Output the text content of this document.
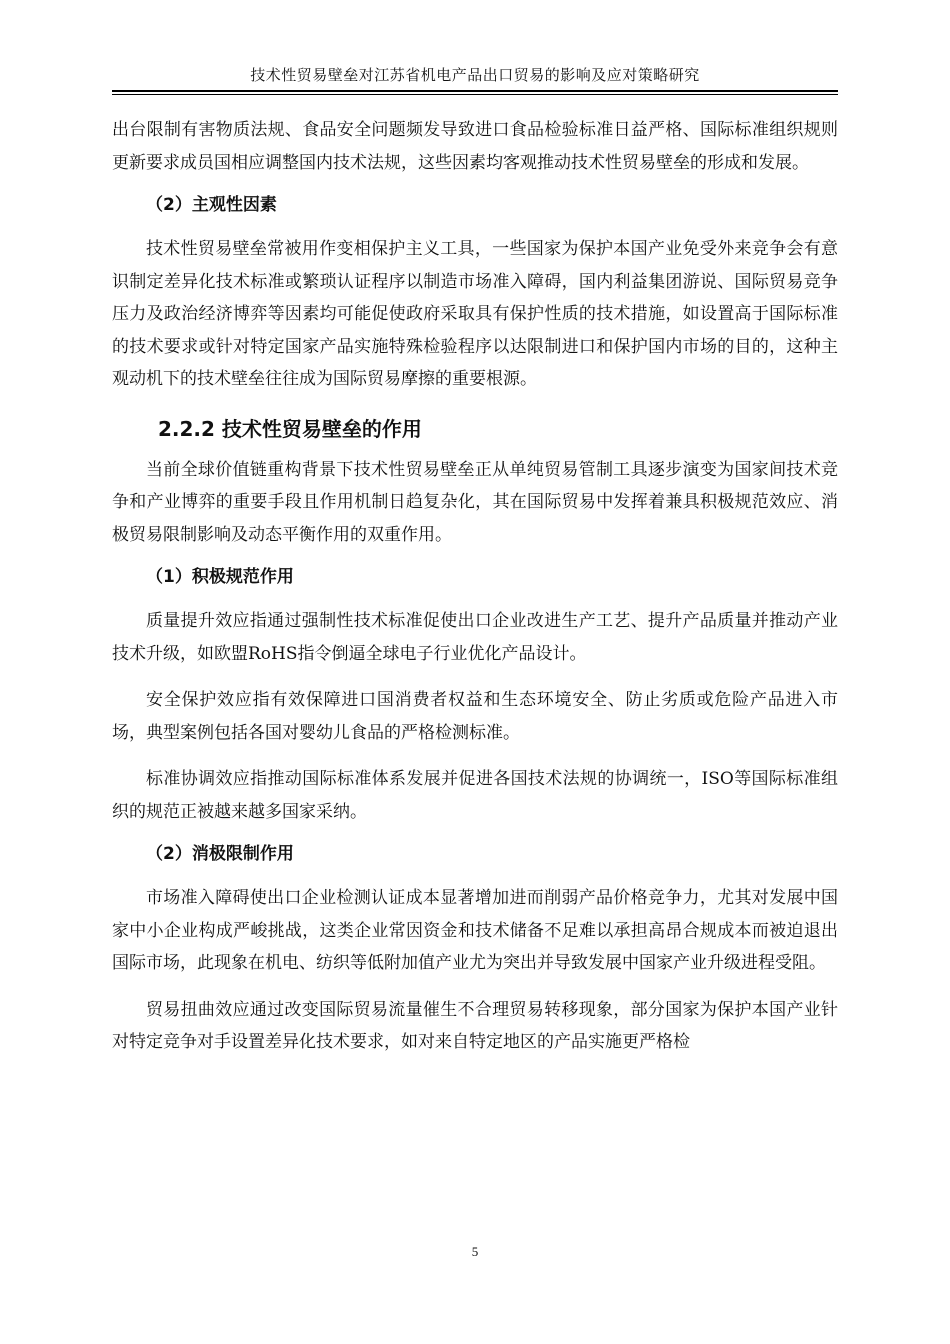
技术性贸易壁垒对江苏省机电产品出口贸易的影响及应对策略研究

出台限制有害物质法规、食品安全问题频发导致进口食品检验标准日益严格、国际标准组织规则更新要求成员国相应调整国内技术法规，这些因素均客观推动技术性贸易壁垒的形成和发展。

（2）主观性因素

技术性贸易壁垒常被用作变相保护主义工具，一些国家为保护本国产业免受外来竞争会有意识制定差异化技术标准或繁琐认证程序以制造市场准入障碍，国内利益集团游说、国际贸易竞争压力及政治经济博弈等因素均可能促使政府采取具有保护性质的技术措施，如设置高于国际标准的技术要求或针对特定国家产品实施特殊检验程序以达限制进口和保护国内市场的目的，这种主观动机下的技术壁垒往往成为国际贸易摩擦的重要根源。

2.2.2 技术性贸易壁垒的作用

当前全球价值链重构背景下技术性贸易壁垒正从单纯贸易管制工具逐步演变为国家间技术竞争和产业博弈的重要手段且作用机制日趋复杂化，其在国际贸易中发挥着兼具积极规范效应、消极贸易限制影响及动态平衡作用的双重作用。

（1）积极规范作用

质量提升效应指通过强制性技术标准促使出口企业改进生产工艺、提升产品质量并推动产业技术升级，如欧盟RoHS指令倒逼全球电子行业优化产品设计。

安全保护效应指有效保障进口国消费者权益和生态环境安全、防止劣质或危险产品进入市场，典型案例包括各国对婴幼儿食品的严格检测标准。

标准协调效应指推动国际标准体系发展并促进各国技术法规的协调统一，ISO等国际标准组织的规范正被越来越多国家采纳。

（2）消极限制作用

市场准入障碍使出口企业检测认证成本显著增加进而削弱产品价格竞争力，尤其对发展中国家中小企业构成严峻挑战，这类企业常因资金和技术储备不足难以承担高昂合规成本而被迫退出国际市场，此现象在机电、纺织等低附加值产业尤为突出并导致发展中国家产业升级进程受阻。

贸易扭曲效应通过改变国际贸易流量催生不合理贸易转移现象，部分国家为保护本国产业针对特定竞争对手设置差异化技术要求，如对来自特定地区的产品实施更严格检

5
